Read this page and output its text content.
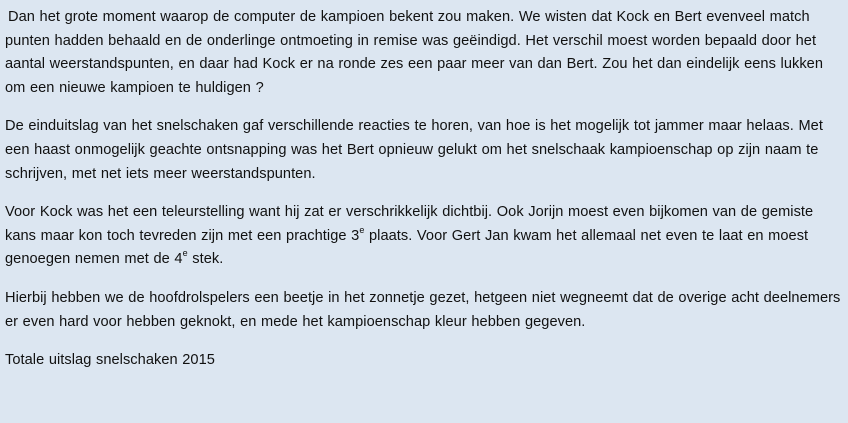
Dan het grote moment waarop de computer de kampioen bekent zou maken. We wisten dat Kock en Bert evenveel match punten hadden behaald en de onderlinge ontmoeting in remise was geëindigd. Het verschil moest worden bepaald door het aantal weerstandspunten, en daar had Kock er na ronde zes een paar meer van dan Bert. Zou het dan eindelijk eens lukken om een nieuwe kampioen te huldigen ?

De einduitslag van het snelschaken gaf verschillende reacties te horen, van hoe is het mogelijk tot jammer maar helaas. Met een haast onmogelijk geachte ontsnapping was het Bert opnieuw gelukt om het snelschaak kampioenschap op zijn naam te schrijven, met net iets meer weerstandspunten.

Voor Kock was het een teleurstelling want hij zat er verschrikkelijk dichtbij. Ook Jorijn moest even bijkomen van de gemiste kans maar kon toch tevreden zijn met een prachtige 3e plaats. Voor Gert Jan kwam het allemaal net even te laat en moest genoegen nemen met de 4e stek.

Hierbij hebben we de hoofdrolspelers een beetje in het zonnetje gezet, hetgeen niet wegneemt dat de overige acht deelnemers er even hard voor hebben geknokt, en mede het kampioenschap kleur hebben gegeven.

Totale uitslag snelschaken 2015
